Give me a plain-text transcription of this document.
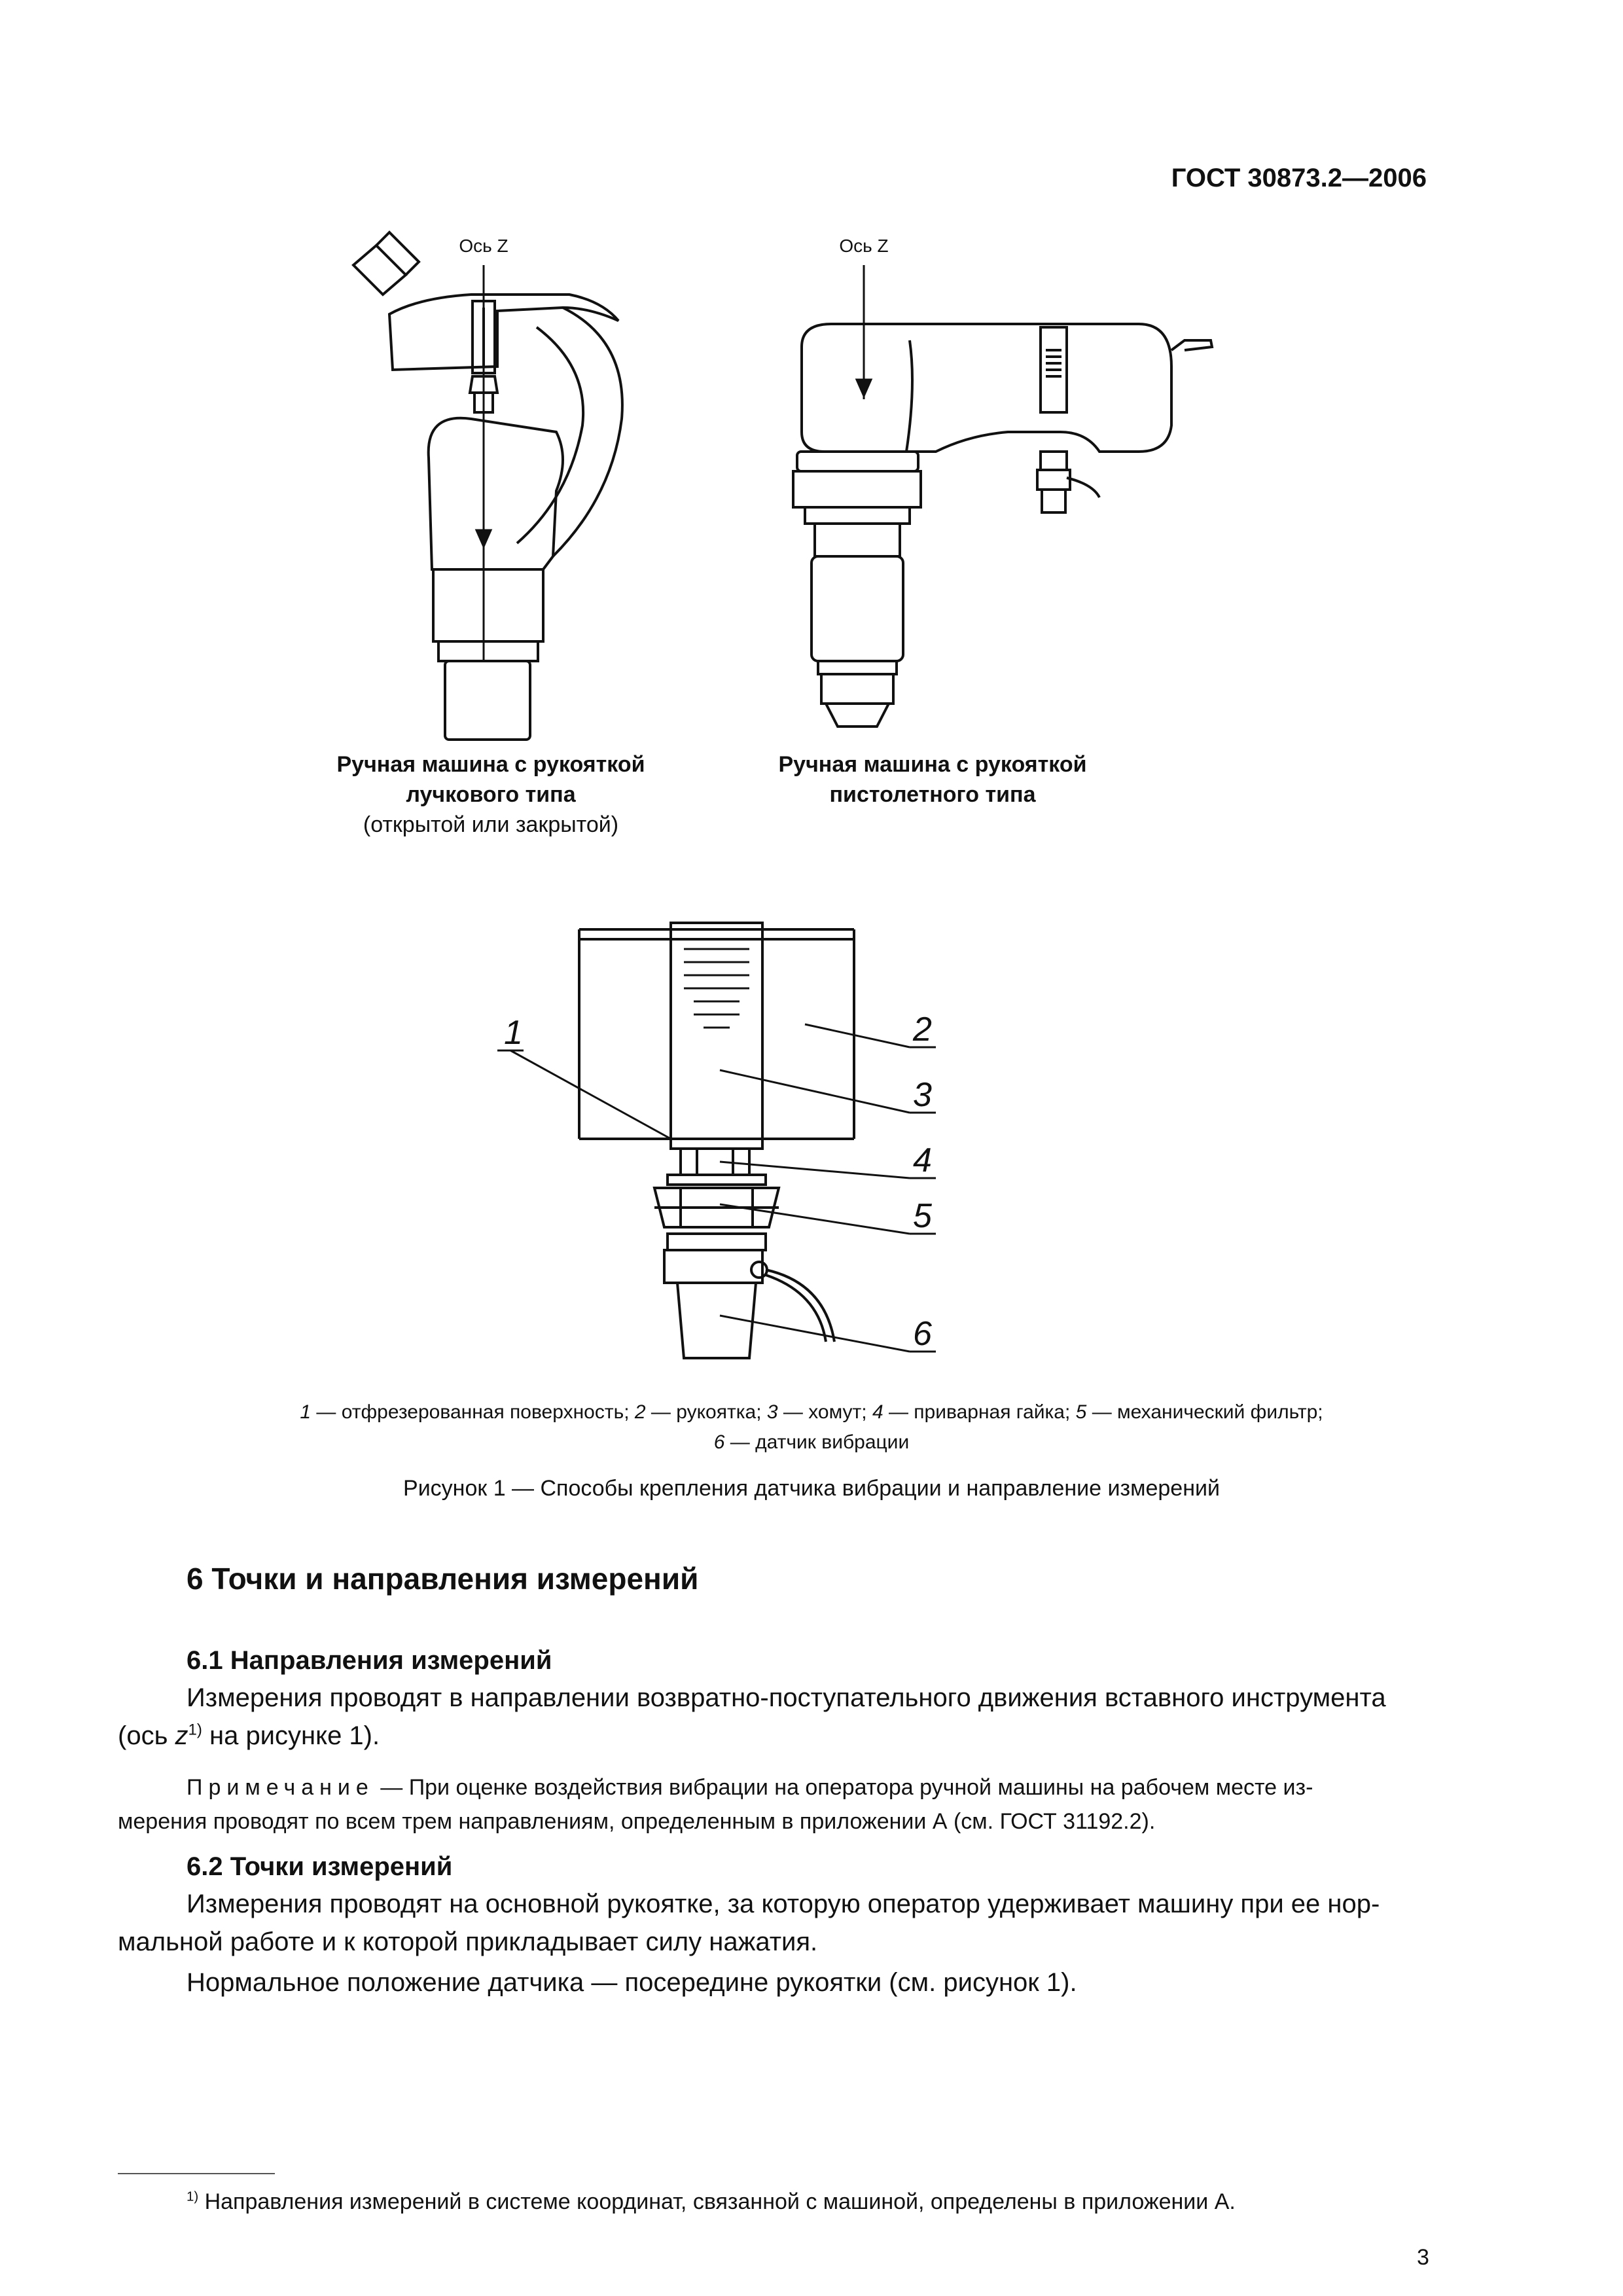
ГОСТ 30873.2—2006
Ось Z	Ось Z
1	2
3
4
5
6
Ручная машина с рукояткой
лучкового типа
(открытой или закрытой)
Ручная машина с рукояткой
пистолетного типа
1 — отфрезерованная поверхность; 2 — рукоятка; 3 — хомут; 4 — приварная гайка; 5 — механический фильтр;
6 — датчик вибрации
Рисунок 1 — Способы крепления датчика вибрации и направление измерений
6 Точки и направления измерений
6.1 Направления измерений
Измерения проводят в направлении возвратно-поступательного движения вставного инструмента
(ось $z^{1)}$ на рисунке 1).
Примечание — При оценке воздействия вибрации на оператора ручной машины на рабочем месте из-
мерения проводят по всем трем направлениям, определенным в приложении А (см. ГОСТ 31192.2).
6.2 Точки измерений
Измерения проводят на основной рукоятке, за которую оператор удерживает машину при ее нор-
мальной работе и к которой прикладывает силу нажатия.
Нормальное положение датчика — посередине рукоятки (см. рисунок 1).
$^{1)}$ Направления измерений в системе координат, связанной с машиной, определены в приложении А.
3
